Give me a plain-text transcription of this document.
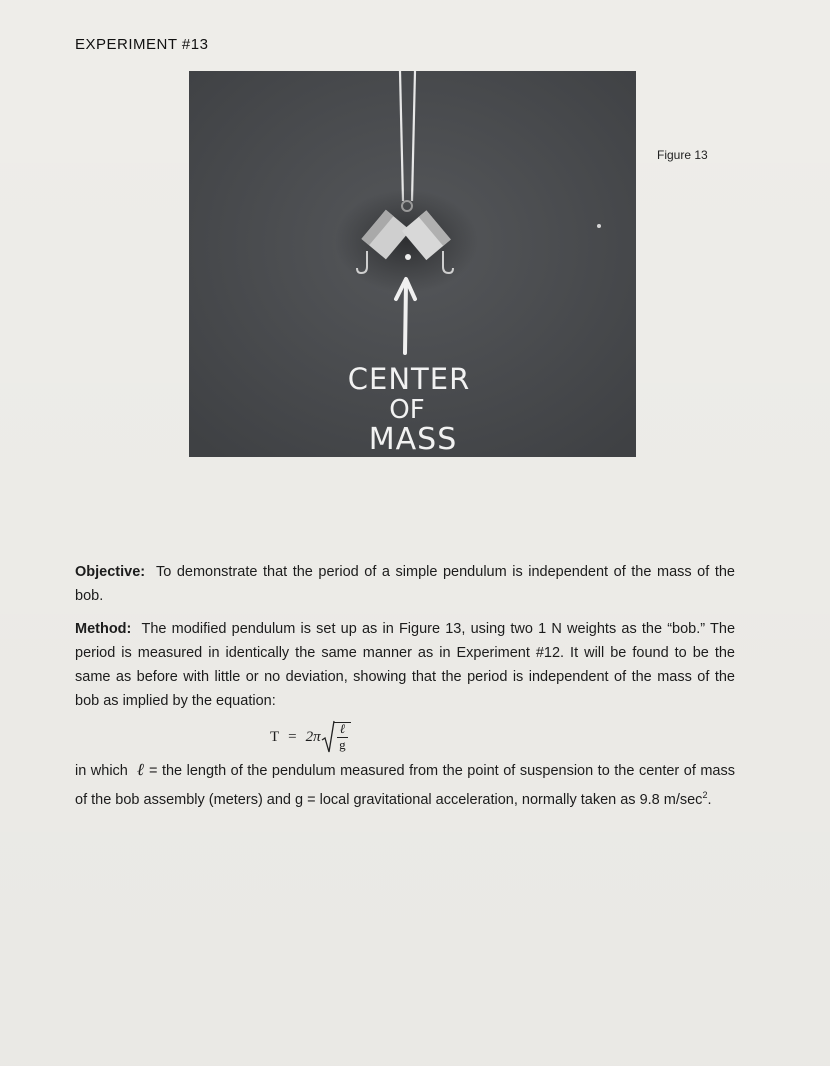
EXPERIMENT #13
CENTER
OF
MASS
Figure 13
Objective: To demonstrate that the period of a simple pendulum is independent of the mass of the bob.
Method: The modified pendulum is set up as in Figure 13, using two 1 N weights as the “bob.” The period is measured in identically the same manner as in Experiment #12. It will be found to be the same as before with little or no deviation, showing that the period is independent of the mass of the bob as implied by the equation:
$T = 2\pi \frac{\text{ℓ}}{g}$
in which ℓ = the length of the pendulum measured from the point of suspension to the center of mass of the bob assembly (meters) and g = local gravitational acceleration, normally taken as 9.8 $m/\sec^2$.
